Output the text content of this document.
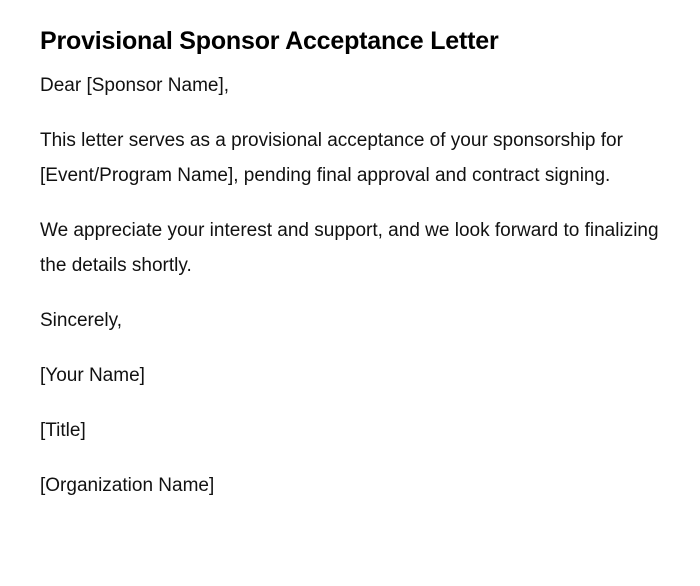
Provisional Sponsor Acceptance Letter

Dear [Sponsor Name],

This letter serves as a provisional acceptance of your sponsorship for [Event/Program Name], pending final approval and contract signing.

We appreciate your interest and support, and we look forward to finalizing the details shortly.

Sincerely,

[Your Name]

[Title]

[Organization Name]
